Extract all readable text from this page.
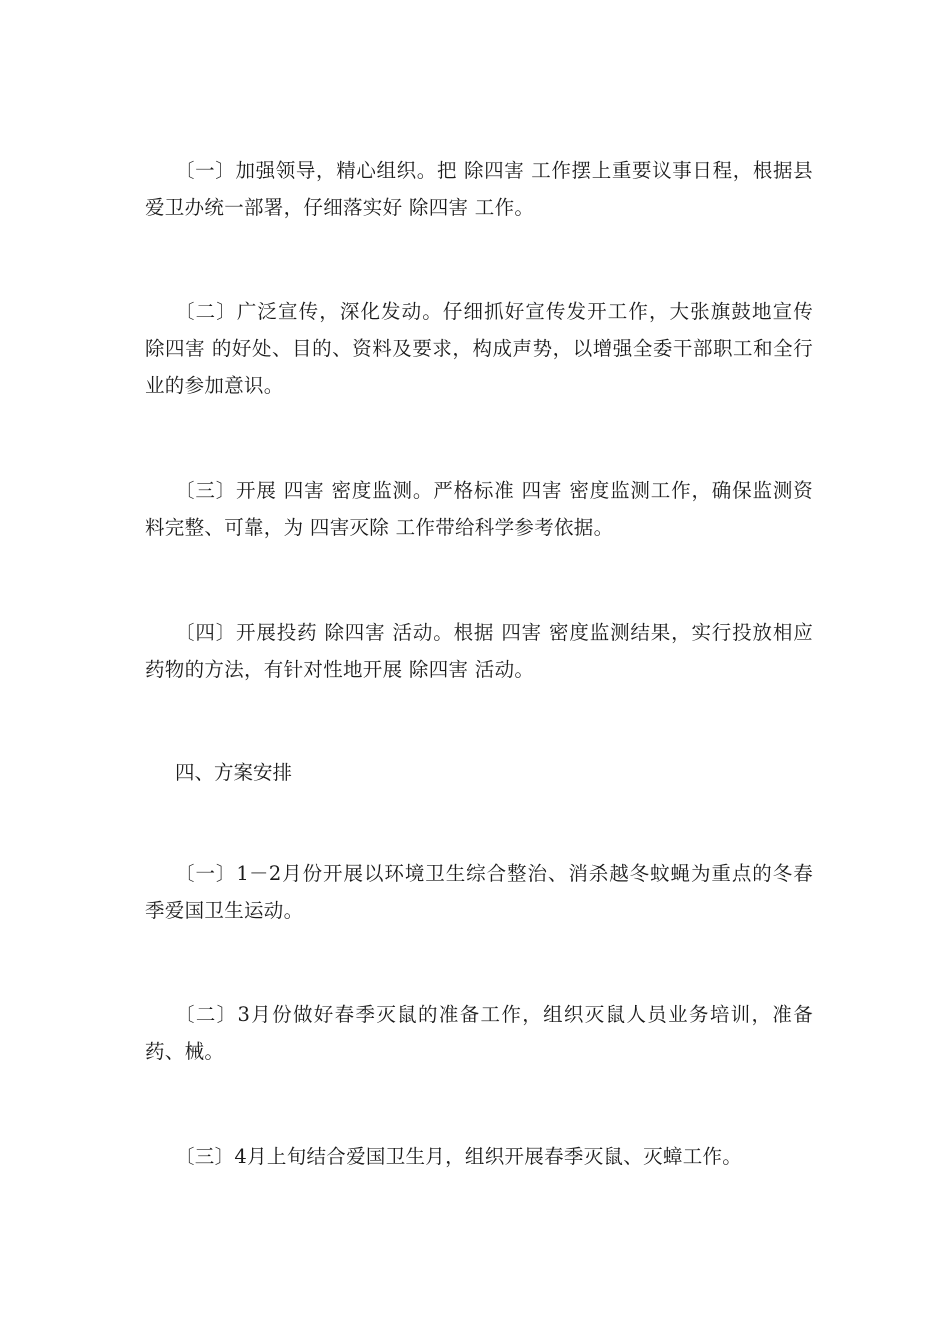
〔一〕加强领导，精心组织。把 除四害 工作摆上重要议事日程，根据县爱卫办统一部署，仔细落实好 除四害 工作。

〔二〕广泛宣传，深化发动。仔细抓好宣传发开工作，大张旗鼓地宣传 除四害 的好处、目的、资料及要求，构成声势，以增强全委干部职工和全行业的参加意识。

〔三〕开展 四害 密度监测。严格标准 四害 密度监测工作，确保监测资料完整、可靠，为 四害灭除 工作带给科学参考依据。

〔四〕开展投药 除四害 活动。根据 四害 密度监测结果，实行投放相应药物的方法，有针对性地开展 除四害 活动。

四、方案安排

〔一〕1－2月份开展以环境卫生综合整治、消杀越冬蚊蝇为重点的冬春季爱国卫生运动。

〔二〕3月份做好春季灭鼠的准备工作，组织灭鼠人员业务培训，准备药、械。

〔三〕4月上旬结合爱国卫生月，组织开展春季灭鼠、灭蟑工作。
